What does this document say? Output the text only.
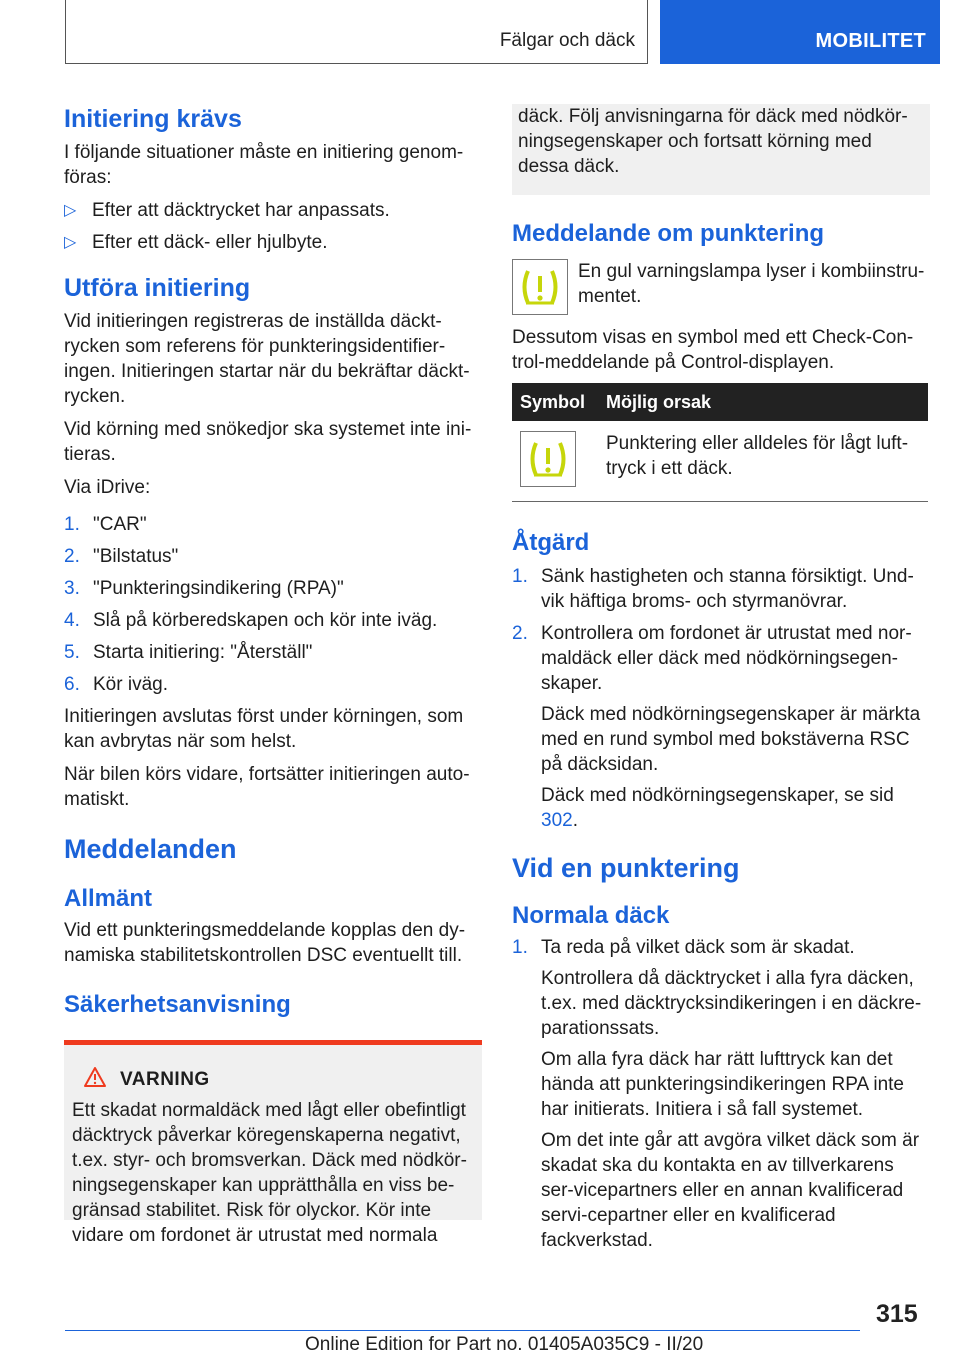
Fälgar och däck	MOBILITET
Initiering krävs

I följande situationer måste en initiering genom-föras:

▷ Efter att däcktrycket har anpassats.
▷ Efter ett däck- eller hjulbyte.
Utföra initiering

Vid initieringen registreras de inställda däckt-rycken som referens för punkteringsidentifier-ingen. Initieringen startar när du bekräftar däckt-rycken.

Vid körning med snökedjor ska systemet inte ini-tieras.

Via iDrive:

1. "CAR"
2. "Bilstatus"
3. "Punkteringsindikering (RPA)"
4. Slå på körberedskapen och kör inte iväg.
5. Starta initiering: "Återställ"
6. Kör iväg.

Initieringen avslutas först under körningen, som kan avbrytas när som helst.

När bilen körs vidare, fortsätter initieringen auto-matiskt.

Meddelanden
Allmänt

Vid ett punkteringsmeddelande kopplas den dy-namiska stabilitetskontrollen DSC eventuellt till.

Säkerhetsanvisning
VARNING
Ett skadat normaldäck med lågt eller obefintligt däcktryck påverkar köregenskaperna negativt, t.ex. styr- och bromsverkan. Däck med nödkör-ningsegenskaper kan upprätthålla en viss be-gränsad stabilitet. Risk för olyckor. Kör inte vidare om fordonet är utrustat med normala

däck. Följ anvisningarna för däck med nödkör-ningsegenskaper och fortsatt körning med dessa däck.

Meddelande om punktering

En gul varningslampa lyser i kombiinstru-mentet.

Dessutom visas en symbol med ett Check-Con-trol-meddelande på Control-displayen.

Symbol	Möjlig orsak

	Punktering eller alldeles för lågt luft-tryck i ett däck.
Åtgärd
1. Sänk hastigheten och stanna försiktigt. Und-vik häftiga broms- och styrmanövrar.
2. Kontrollera om fordonet är utrustat med nor-maldäck eller däck med nödkörningsegen-skaper.

Däck med nödkörningsegenskaper är märkta med en rund symbol med bokstäverna RSC på däcksidan.

Däck med nödkörningsegenskaper, se sid 302.

Vid en punktering
Normala däck
1. Ta reda på vilket däck som är skadat.

Kontrollera då däcktrycket i alla fyra däcken, t.ex. med däcktrycksindikeringen i en däckre-parationssats.

Om alla fyra däck har rätt lufttryck kan det hända att punkteringsindikeringen RPA inte har initierats. Initiera i så fall systemet.

Om det inte går att avgöra vilket däck som är skadat ska du kontakta en av tillverkarens ser-vicepartners eller en annan kvalificerad servi-cepartner eller en kvalificerad fackverkstad.

315
Online Edition for Part no. 01405A035C9 - II/20
